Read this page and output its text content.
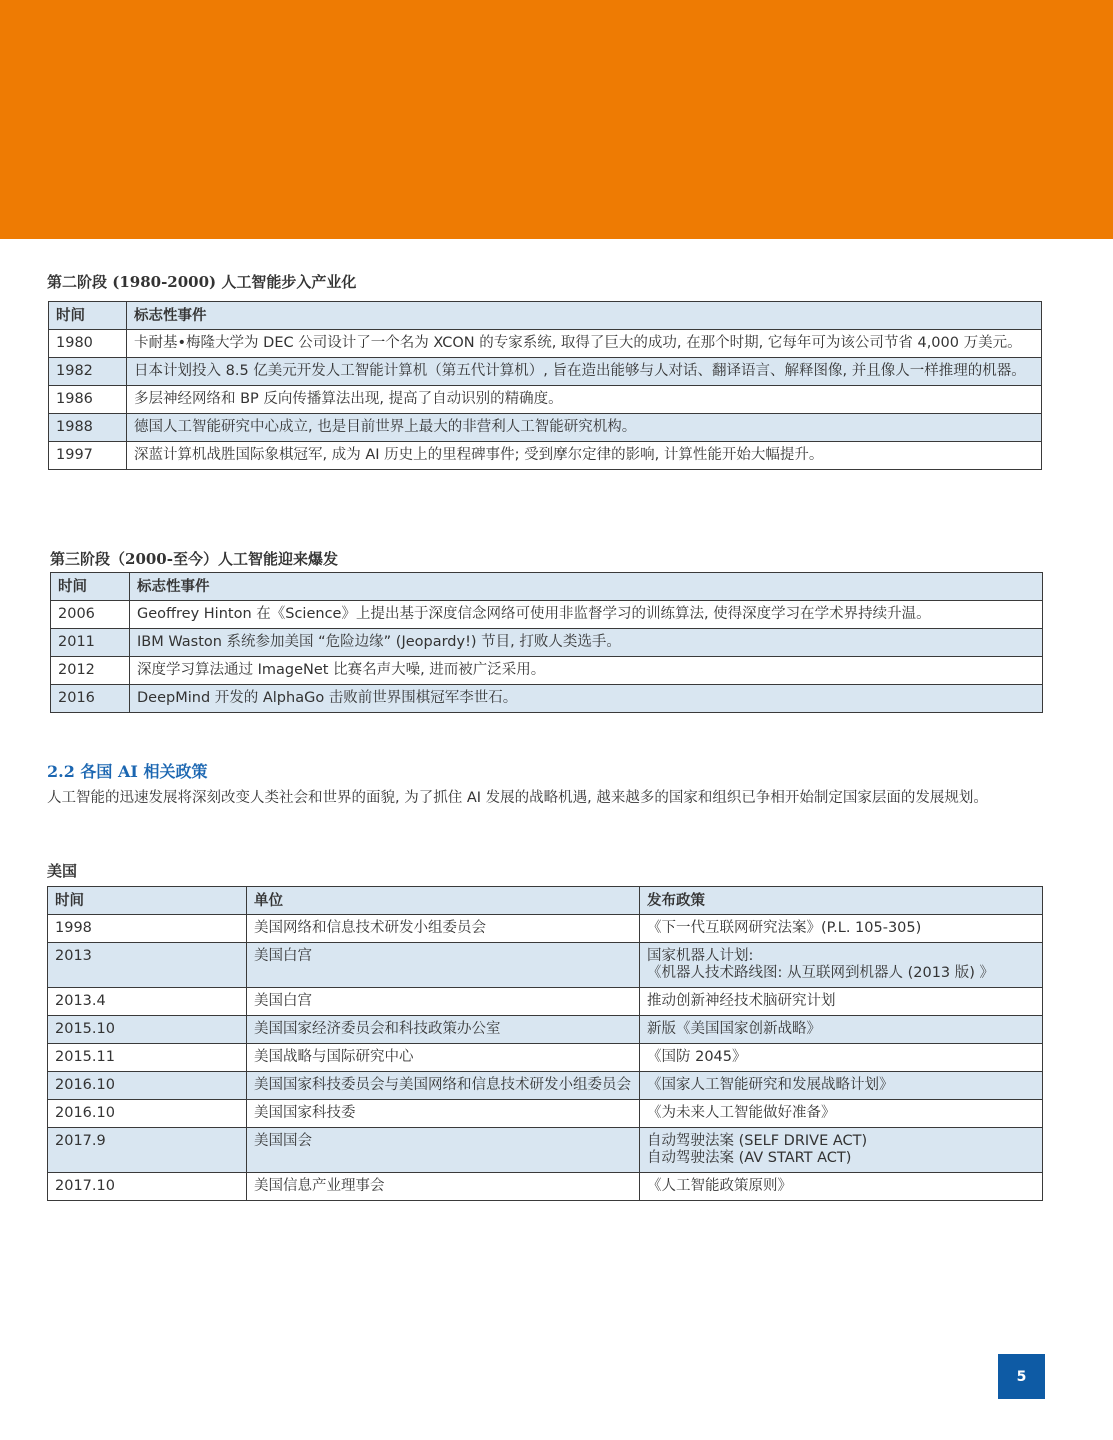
第二阶段 (1980-2000) 人工智能步入产业化
时间	标志性事件
1980	卡耐基•梅隆大学为 DEC 公司设计了一个名为 XCON 的专家系统, 取得了巨大的成功, 在那个时期, 它每年可为该公司节省 4,000 万美元。
1982	日本计划投入 8.5 亿美元开发人工智能计算机（第五代计算机）, 旨在造出能够与人对话、翻译语言、解释图像, 并且像人一样推理的机器。
1986	多层神经网络和 BP 反向传播算法出现, 提高了自动识别的精确度。
1988	德国人工智能研究中心成立, 也是目前世界上最大的非营利人工智能研究机构。
1997	深蓝计算机战胜国际象棋冠军, 成为 AI 历史上的里程碑事件; 受到摩尔定律的影响, 计算性能开始大幅提升。
第三阶段（2000-至今）人工智能迎来爆发
时间	标志性事件
2006	Geoffrey Hinton 在《Science》上提出基于深度信念网络可使用非监督学习的训练算法, 使得深度学习在学术界持续升温。
2011	IBM Waston 系统参加美国 “危险边缘” (Jeopardy!) 节目, 打败人类选手。
2012	深度学习算法通过 ImageNet 比赛名声大噪, 进而被广泛采用。
2016	DeepMind 开发的 AlphaGo 击败前世界围棋冠军李世石。
2.2 各国 AI 相关政策

人工智能的迅速发展将深刻改变人类社会和世界的面貌, 为了抓住 AI 发展的战略机遇, 越来越多的国家和组织已争相开始制定国家层面的发展规划。

美国
时间	单位	发布政策
1998	美国网络和信息技术研发小组委员会	《下一代互联网研究法案》(P.L. 105-305)

2013	美国白宫	国家机器人计划:
《机器人技术路线图: 从互联网到机器人 (2013 版) 》

2013.4	美国白宫	推动创新神经技术脑研究计划

2015.10	美国国家经济委员会和科技政策办公室	新版《美国国家创新战略》

2015.11	美国战略与国际研究中心	《国防 2045》

2016.10	美国国家科技委员会与美国网络和信息技术研发小组委员会	《国家人工智能研究和发展战略计划》

2016.10	美国国家科技委	《为未来人工智能做好准备》

2017.9	美国国会	自动驾驶法案 (SELF DRIVE ACT)
自动驾驶法案 (AV START ACT)

2017.10	美国信息产业理事会	《人工智能政策原则》
5
